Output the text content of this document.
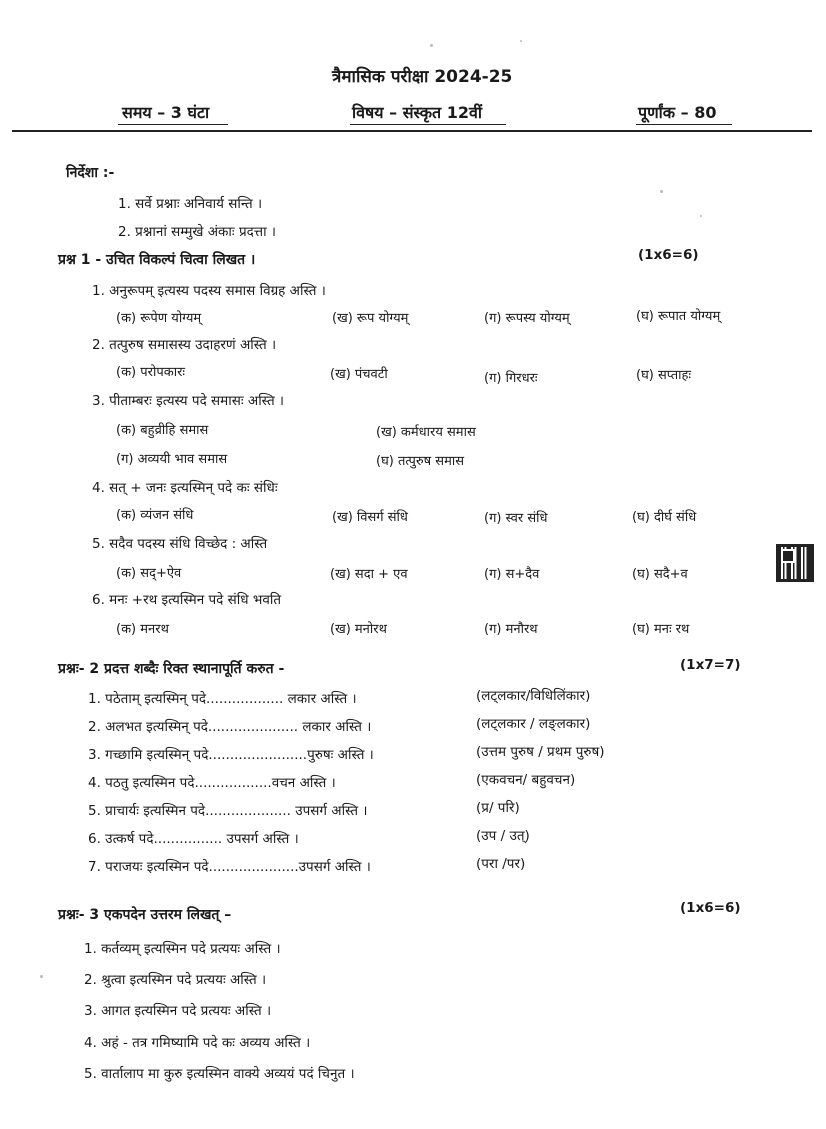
त्रैमासिक परीक्षा 2024-25
समय – 3 घंटा	विषय – संस्कृत 12वीं	पूर्णांक – 80
निर्देशा :-
1. सर्वे प्रश्नाः अनिवार्य सन्ति ।
2. प्रश्नानां सम्मुखे अंकाः प्रदत्ता ।
प्रश्न 1 - उचित विकल्पं चित्वा लिखत ।	(1x6=6)
1. अनुरूपम् इत्यस्य पदस्य समास विग्रह अस्ति ।
(क) रूपेण योग्यम्	(ख) रूप योग्यम्	(ग) रूपस्य योग्यम्	(घ) रूपात योग्यम्
2. तत्पुरुष समासस्य उदाहरणं अस्ति ।
(क) परोपकारः	(ख) पंचवटी	(ग) गिरधरः	(घ) सप्ताहः
3. पीताम्बरः इत्यस्य पदे समासः अस्ति ।
(क) बहुव्रीहि समास	(ख) कर्मधारय समास
(ग) अव्ययी भाव समास	(घ) तत्पुरुष समास
4. सत् + जनः इत्यस्मिन् पदे कः संधिः
(क) व्यंजन संधि	(ख) विसर्ग संधि	(ग) स्वर संधि	(घ) दीर्घ संधि
5. सदैव पदस्य संधि विच्छेद : अस्ति
(क) सद्+ऐव	(ख) सदा + एव	(ग) स+दैव	(घ) सदै+व
6. मनः +रथ इत्यस्मिन पदे संधि भवति
(क) मनरथ	(ख) मनोरथ	(ग) मनौरथ	(घ) मनः रथ
प्रश्नः- 2 प्रदत्त शब्दैः रिक्त स्थानापूर्ति करुत -	(1x7=7)
1. पठेताम् इत्यस्मिन् पदे.................. लकार अस्ति ।	(लट्लकार/विधिलिंकार)
2. अलभत इत्यस्मिन् पदे..................... लकार अस्ति ।	(लट्लकार / लङ्लकार)
3. गच्छामि इत्यस्मिन् पदे.......................पुरुषः अस्ति ।	(उत्तम पुरुष / प्रथम पुरुष)
4. पठतु इत्यस्मिन पदे..................वचन अस्ति ।	(एकवचन/ बहुवचन)
5. प्राचार्यः इत्यस्मिन पदे.................... उपसर्ग अस्ति ।	(प्र/ परि)
6. उत्कर्ष पदे................ उपसर्ग अस्ति ।	(उप / उत्)
7. पराजयः इत्यस्मिन पदे.....................उपसर्ग अस्ति ।	(परा /पर)
प्रश्नः- 3 एकपदेन उत्तरम लिखत् –	(1x6=6)
1. कर्तव्यम् इत्यस्मिन पदे प्रत्ययः अस्ति ।
2. श्रुत्वा इत्यस्मिन पदे प्रत्ययः अस्ति ।
3. आगत इत्यस्मिन पदे प्रत्ययः अस्ति ।
4. अहं - तत्र गमिष्यामि पदे कः अव्यय अस्ति ।
5. वार्तालाप मा कुरु इत्यस्मिन वाक्ये अव्ययं पदं चिनुत ।
